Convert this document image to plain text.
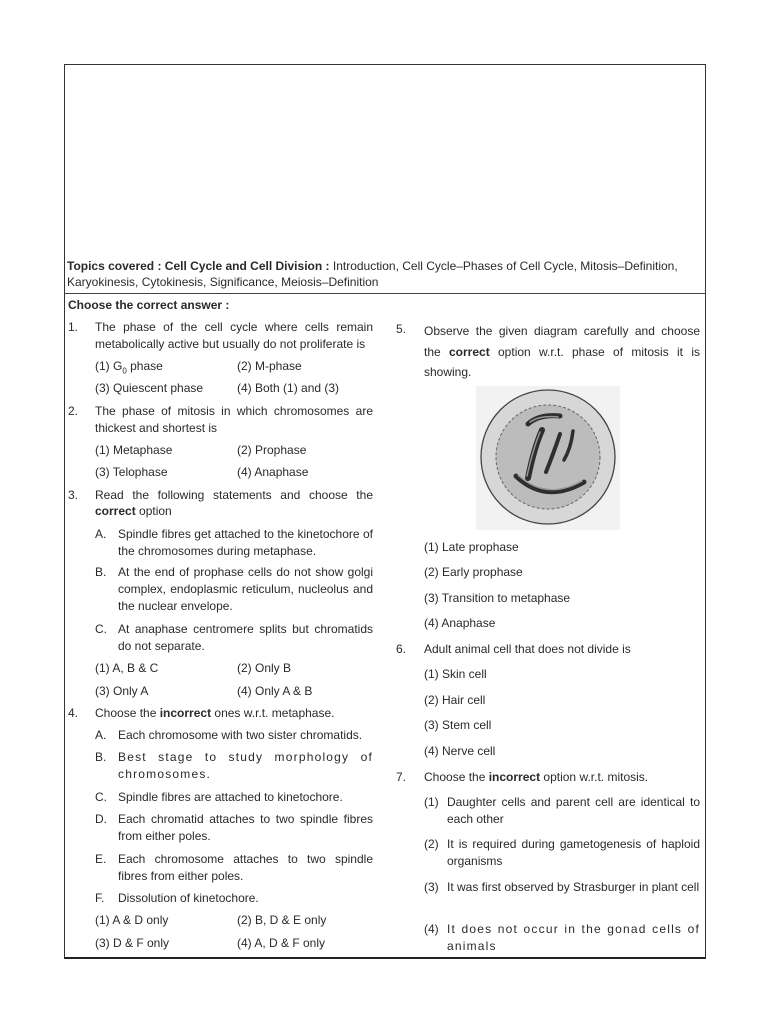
Topics covered : Cell Cycle and Cell Division : Introduction, Cell Cycle–Phases of Cell Cycle, Mitosis–Definition, Karyokinesis, Cytokinesis, Significance, Meiosis–Definition
Choose the correct answer :
1. The phase of the cell cycle where cells remain metabolically active but usually do not proliferate is
(1) $G_0$ phase	(2) M-phase
(3) Quiescent phase	(4) Both (1) and (3)
2. The phase of mitosis in which chromosomes are thickest and shortest is
(1) Metaphase	(2) Prophase
(3) Telophase	(4) Anaphase
3. Read the following statements and choose the
correct option
A. Spindle fibres get attached to the kinetochore of the chromosomes during metaphase.
B. At the end of prophase cells do not show golgi complex, endoplasmic reticulum, nucleolus and the nuclear envelope.
C. At anaphase centromere splits but chromatids do not separate.
(1) A, B & C	(2) Only B
(3) Only A	(4) Only A & B
4. Choose the incorrect ones w.r.t. metaphase.
A. Each chromosome with two sister chromatids.
B. Best stage to study morphology of chromosomes.
C. Spindle fibres are attached to kinetochore.
D. Each chromatid attaches to two spindle fibres from either poles.
E. Each chromosome attaches to two spindle fibres from either poles.
F. Dissolution of kinetochore.
(1) A & D only	(2) B, D & E only
(3) D & F only	(4) A, D & F only
5. Observe the given diagram carefully and choose the correct option w.r.t. phase of mitosis it is showing.
(1) Late prophase
(2) Early prophase
(3) Transition to metaphase
(4) Anaphase
6. Adult animal cell that does not divide is
(1) Skin cell
(2) Hair cell
(3) Stem cell
(4) Nerve cell
7. Choose the incorrect option w.r.t. mitosis.
(1) Daughter cells and parent cell are identical to each other
(2) It is required during gametogenesis of haploid organisms
(3) It was first observed by Strasburger in plant cell
(4) It does not occur in the gonad cells of animals
